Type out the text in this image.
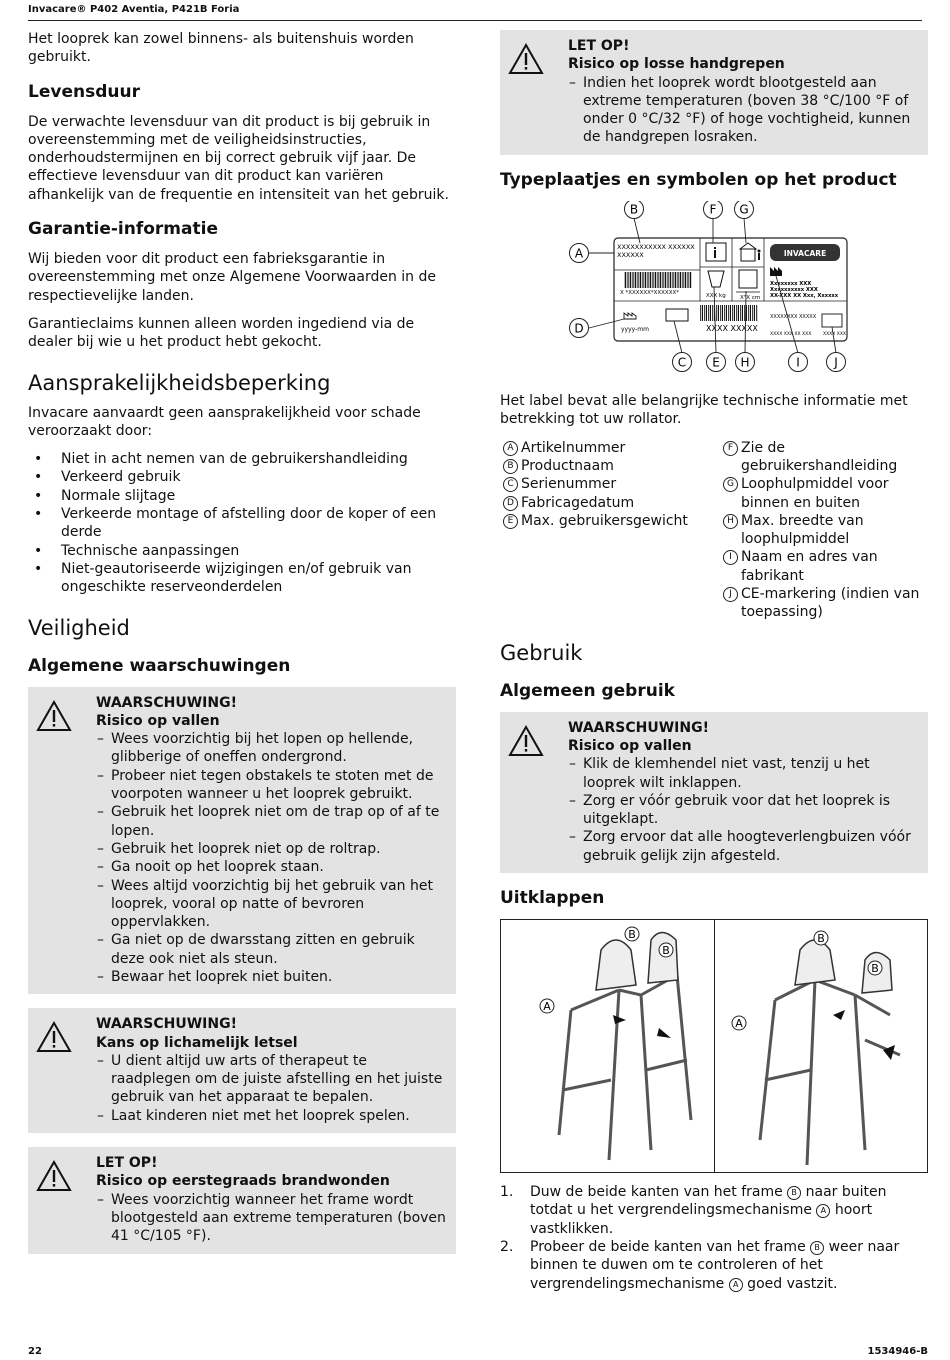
Invacare® P402 Aventia, P421B Foria

Het looprek kan zowel binnens- als buitenshuis worden gebruikt.

Levensduur

De verwachte levensduur van dit product is bij gebruik in overeenstemming met de veiligheidsinstructies, onderhoudstermijnen en bij correct gebruik vijf jaar. De effectieve levensduur van dit product kan variëren afhankelijk van de frequentie en intensiteit van het gebruik.

Garantie-informatie

Wij bieden voor dit product een fabrieksgarantie in overeenstemming met onze Algemene Voorwaarden in de respectievelijke landen.

Garantieclaims kunnen alleen worden ingediend via de dealer bij wie u het product hebt gekocht.

Aansprakelijkheidsbeperking

Invacare aanvaardt geen aansprakelijkheid voor schade veroorzaakt door:

• Niet in acht nemen van de gebruikershandleiding
• Verkeerd gebruik
• Normale slijtage
• Verkeerde montage of afstelling door de koper of een derde
• Technische aanpassingen
• Niet-geautoriseerde wijzigingen en/of gebruik van ongeschikte reserveonderdelen
Veiligheid
Algemene waarschuwingen
WAARSCHUWING!
Risico op vallen
– Wees voorzichtig bij het lopen op hellende, glibberige of oneffen ondergrond.
– Probeer niet tegen obstakels te stoten met de voorpoten wanneer u het looprek gebruikt.
– Gebruik het looprek niet om de trap op of af te lopen.
– Gebruik het looprek niet op de roltrap.
– Ga nooit op het looprek staan.
– Wees altijd voorzichtig bij het gebruik van het looprek, vooral op natte of bevroren oppervlakken.
– Ga niet op de dwarsstang zitten en gebruik deze ook niet als steun.
– Bewaar het looprek niet buiten.
WAARSCHUWING!
Kans op lichamelijk letsel
– U dient altijd uw arts of therapeut te raadplegen om de juiste afstelling en het juiste gebruik van het apparaat te bepalen.
– Laat kinderen niet met het looprek spelen.
LET OP!
Risico op eerstegraads brandwonden
– Wees voorzichtig wanneer het frame wordt blootgesteld aan extreme temperaturen (boven 41 °C/105 °F).
LET OP!
Risico op losse handgrepen
– Indien het looprek wordt blootgesteld aan extreme temperaturen (boven 38 °C/100 °F of onder 0 °C/32 °F) of hoge vochtigheid, kunnen de handgrepen losraken.
Typeplaatjes en symbolen op het product
XXXXXXXXXXX XXXXXX
XXXXXX
X *XXXXXX*XXXXXX*	XXX kg	X"X cm
INVACARE
Xxxxxxxx XXX
Xxxxxxxxxx XXX
XX-XXX XX Xxx, Xxxxxx
yyyy-mm	XXXX XXXXX
XXXXXXXX XXXXX
XXXX XXX XX XXX	XXXX XXX
A
B	F G
D
C E H	I	J

Het label bevat alle belangrijke technische informatie met betrekking tot uw rollator.

A Artikelnummer
B Productnaam
C Serienummer
D Fabricagedatum
E Max. gebruikersgewicht
F Zie de gebruikershandleiding
G Loophulpmiddel voor binnen en buiten
H Max. breedte van loophulpmiddel
I Naam en adres van fabrikant
J CE-markering (indien van toepassing)
Gebruik
Algemeen gebruik
WAARSCHUWING!
Risico op vallen
– Klik de klemhendel niet vast, tenzij u het looprek wilt inklappen.
– Zorg er vóór gebruik voor dat het looprek is uitgeklapt.
– Zorg ervoor dat alle hoogteverlengbuizen vóór gebruik gelijk zijn afgesteld.
Uitklappen
B
B
A
B
B
A
1. Duw de beide kanten van het frame B naar buiten totdat u het vergrendelingsmechanisme A hoort vastklikken.
2. Probeer de beide kanten van het frame B weer naar binnen te duwen om te controleren of het vergrendelingsmechanisme A goed vastzit.
22	1534946-B
